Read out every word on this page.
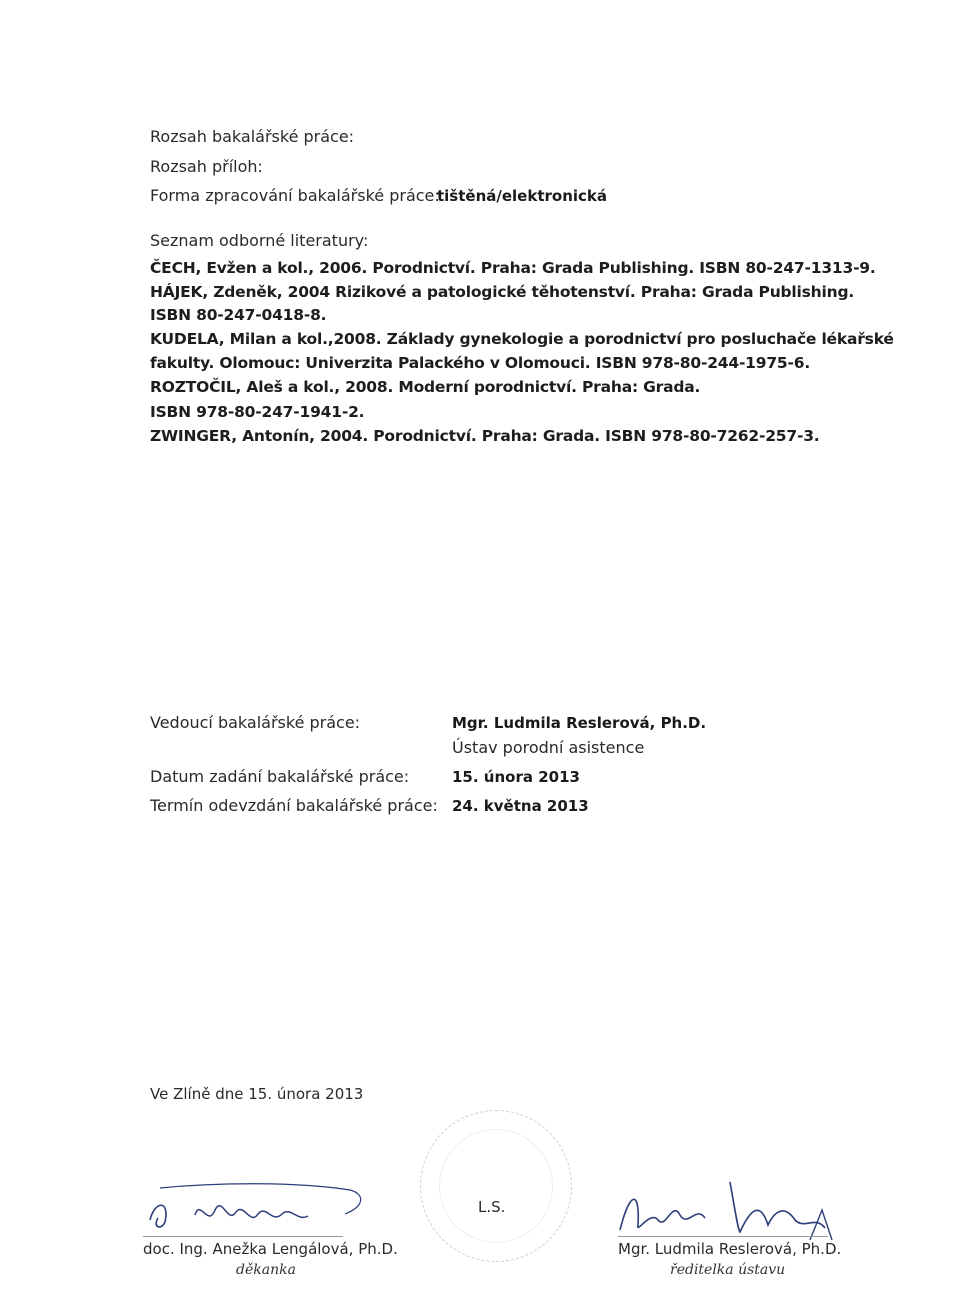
Rozsah bakalářské práce:
Rozsah příloh:
Forma zpracování bakalářské práce:
tištěná/elektronická
Seznam odborné literatury:
ČECH, Evžen a kol., 2006. Porodnictví. Praha: Grada Publishing. ISBN 80-247-1313-9.
HÁJEK, Zdeněk, 2004 Rizikové a patologické těhotenství. Praha: Grada Publishing.
ISBN 80-247-0418-8.
KUDELA, Milan a kol.,2008. Základy gynekologie a porodnictví pro posluchače lékařské
fakulty. Olomouc: Univerzita Palackého v Olomouci. ISBN 978-80-244-1975-6.
ROZTOČIL, Aleš a kol., 2008. Moderní porodnictví. Praha: Grada.
ISBN 978-80-247-1941-2.
ZWINGER, Antonín, 2004. Porodnictví. Praha: Grada. ISBN 978-80-7262-257-3.
Vedoucí bakalářské práce:	Mgr. Ludmila Reslerová, Ph.D.
Ústav porodní asistence
Datum zadání bakalářské práce:	15. února 2013
Termín odevzdání bakalářské práce: 24. května 2013
Ve Zlíně dne 15. února 2013
L.S.
doc. Ing. Anežka Lengálová, Ph.D.
děkanka
Mgr. Ludmila Reslerová, Ph.D.
ředitelka ústavu
